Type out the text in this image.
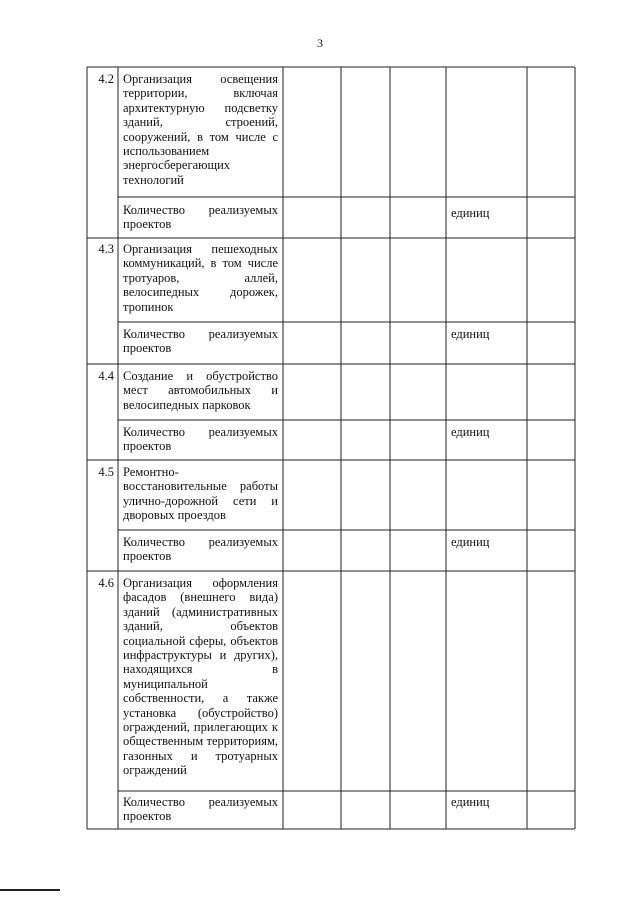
3
4.2 Организация освещения территории, включая архитектурную подсветку зданий, строений, сооружений, в том числе с использованием энергосберегающих технологий
Количество реализуемых проектов
единиц
4.3 Организация пешеходных коммуникаций, в том числе тротуаров, аллей, велосипедных дорожек, тропинок
Количество реализуемых проектов
единиц
4.4 Создание и обустройство мест автомобильных и велосипедных парковок
Количество реализуемых проектов
единиц
4.5 Ремонтно-восстановительные работы улично-дорожной сети и дворовых проездов
Количество реализуемых проектов
единиц
4.6 Организация оформления фасадов (внешнего вида) зданий (административных зданий, объектов социальной сферы, объектов инфраструктуры и других), находящихся в муниципальной собственности, а также установка (обустройство) ограждений, прилегающих к общественным территориям, газонных и тротуарных ограждений
Количество реализуемых проектов
единиц
